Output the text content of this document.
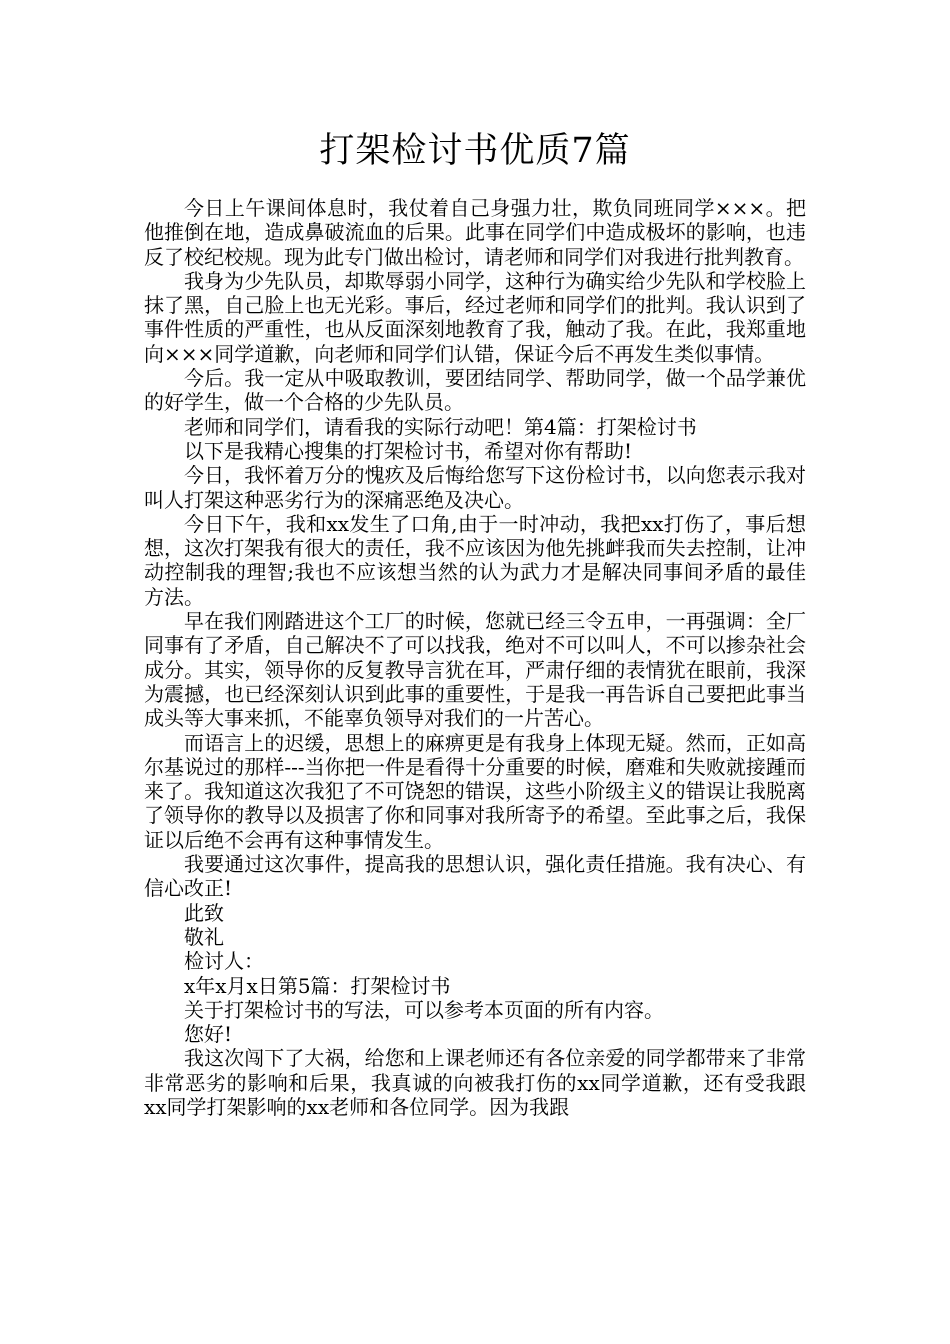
打架检讨书优质7篇

今日上午课间体息时，我仗着自己身强力壮，欺负同班同学×××。把他推倒在地，造成鼻破流血的后果。此事在同学们中造成极坏的影响，也违反了校纪校规。现为此专门做出检讨，请老师和同学们对我进行批判教育。

我身为少先队员，却欺辱弱小同学，这种行为确实给少先队和学校脸上抹了黑，自己脸上也无光彩。事后，经过老师和同学们的批判。我认识到了事件性质的严重性，也从反面深刻地教育了我，触动了我。在此，我郑重地向×××同学道歉，向老师和同学们认错，保证今后不再发生类似事情。

今后。我一定从中吸取教训，要团结同学、帮助同学，做一个品学兼优的好学生，做一个合格的少先队员。

老师和同学们，请看我的实际行动吧！第4篇：打架检讨书

以下是我精心搜集的打架检讨书，希望对你有帮助!

今日，我怀着万分的愧疚及后悔给您写下这份检讨书，以向您表示我对叫人打架这种恶劣行为的深痛恶绝及决心。

今日下午，我和xx发生了口角,由于一时冲动，我把xx打伤了，事后想想，这次打架我有很大的责任，我不应该因为他先挑衅我而失去控制，让冲动控制我的理智;我也不应该想当然的认为武力才是解决同事间矛盾的最佳方法。

早在我们刚踏进这个工厂的时候，您就已经三令五申，一再强调：全厂同事有了矛盾，自己解决不了可以找我，绝对不可以叫人，不可以掺杂社会成分。其实，领导你的反复教导言犹在耳，严肃仔细的表情犹在眼前，我深为震撼，也已经深刻认识到此事的重要性，于是我一再告诉自己要把此事当成头等大事来抓，不能辜负领导对我们的一片苦心。

而语言上的迟缓，思想上的麻痹更是有我身上体现无疑。然而，正如高尔基说过的那样---当你把一件是看得十分重要的时候，磨难和失败就接踵而来了。我知道这次我犯了不可饶恕的错误，这些小阶级主义的错误让我脱离了领导你的教导以及损害了你和同事对我所寄予的希望。至此事之后，我保证以后绝不会再有这种事情发生。

我要通过这次事件，提高我的思想认识，强化责任措施。我有决心、有信心改正!

此致

敬礼

检讨人：

x年x月x日第5篇：打架检讨书

关于打架检讨书的写法，可以参考本页面的所有内容。

您好!

我这次闯下了大祸，给您和上课老师还有各位亲爱的同学都带来了非常非常恶劣的影响和后果，我真诚的向被我打伤的xx同学道歉，还有受我跟xx同学打架影响的xx老师和各位同学。因为我跟
